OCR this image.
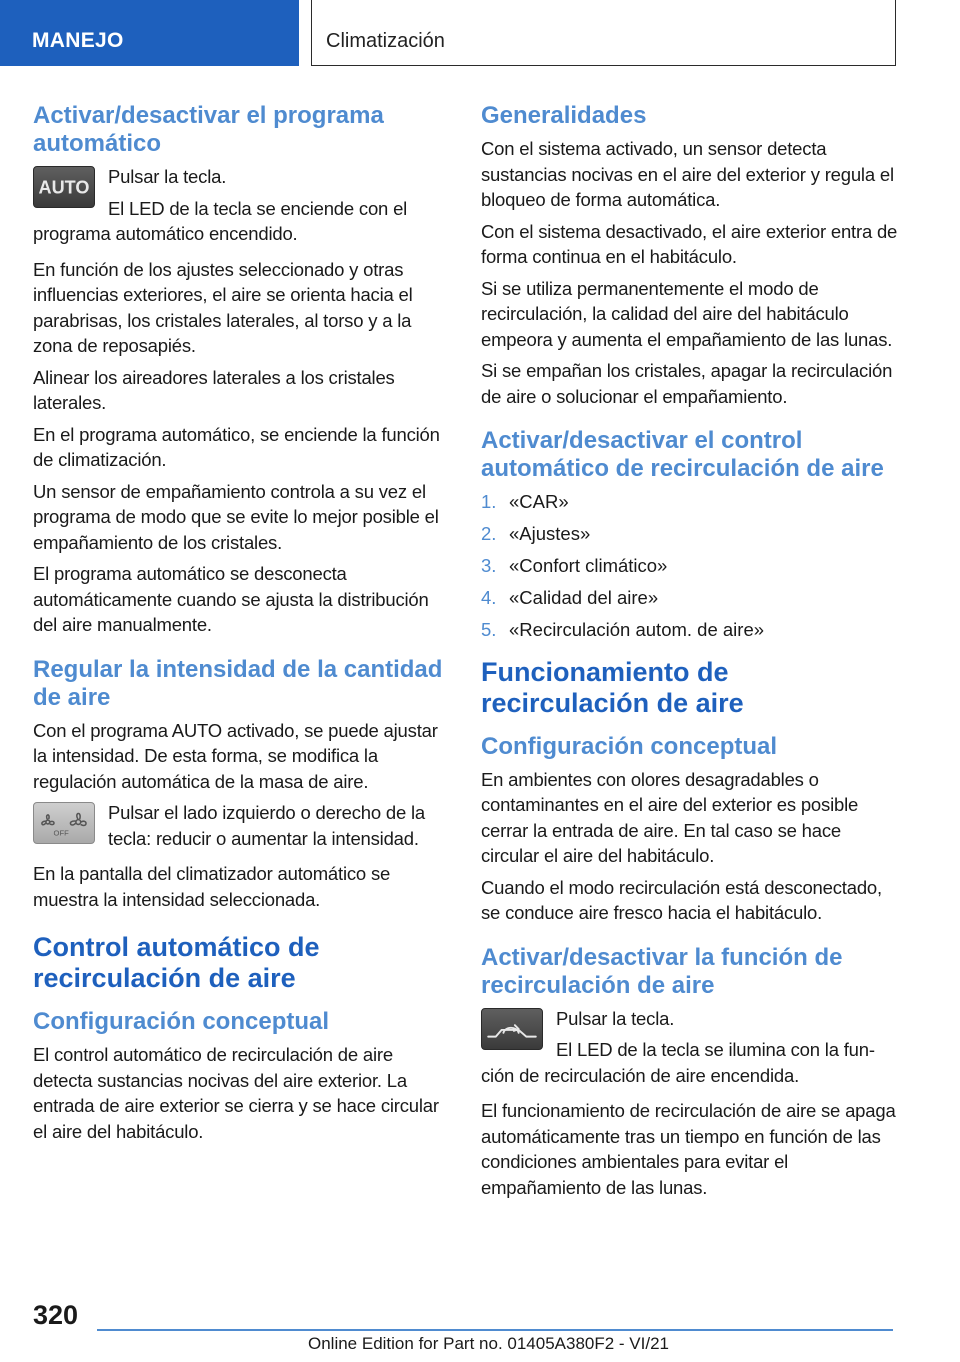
MANEJO	Climatización
Activar/desactivar el programa automático
AUTO

Pulsar la tecla.

El LED de la tecla se enciende con el

programa automático encendido.

En función de los ajustes seleccionado y otras influencias exteriores, el aire se orienta hacia el parabrisas, los cristales laterales, al torso y a la zona de reposapiés.

Alinear los aireadores laterales a los cristales laterales.

En el programa automático, se enciende la función de climatización.

Un sensor de empañamiento controla a su vez el programa de modo que se evite lo mejor posible el empañamiento de los cristales.

El programa automático se desconecta automáticamente cuando se ajusta la distribución del aire manualmente.

Regular la intensidad de la cantidad de aire

Con el programa AUTO activado, se puede ajustar la intensidad. De esta forma, se modifica la regulación automática de la masa de aire.

OFF

Pulsar el lado izquierdo o derecho de la tecla: reducir o aumentar la intensidad.

En la pantalla del climatizador automático se muestra la intensidad seleccionada.

Control automático de recirculación de aire
Configuración conceptual

El control automático de recirculación de aire detecta sustancias nocivas del aire exterior. La entrada de aire exterior se cierra y se hace circular el aire del habitáculo.

Generalidades

Con el sistema activado, un sensor detecta sustancias nocivas en el aire del exterior y regula el bloqueo de forma automática.

Con el sistema desactivado, el aire exterior entra de forma continua en el habitáculo.

Si se utiliza permanentemente el modo de recirculación, la calidad del aire del habitáculo empeora y aumenta el empañamiento de las lunas.

Si se empañan los cristales, apagar la recirculación de aire o solucionar el empañamiento.

Activar/desactivar el control automático de recirculación de aire
1. «CAR»
2. «Ajustes»
3. «Confort climático»
4. «Calidad del aire»
5. «Recirculación autom. de aire»
Funcionamiento de recirculación de aire
Configuración conceptual

En ambientes con olores desagradables o contaminantes en el aire del exterior es posible cerrar la entrada de aire. En tal caso se hace circular el aire del habitáculo.

Cuando el modo recirculación está desconectado, se conduce aire fresco hacia el habitáculo.

Activar/desactivar la función de recirculación de aire

Pulsar la tecla.

El LED de la tecla se ilumina con la fun-

ción de recirculación de aire encendida.

El funcionamiento de recirculación de aire se apaga automáticamente tras un tiempo en función de las condiciones ambientales para evitar el empañamiento de las lunas.

320
Online Edition for Part no. 01405A380F2 - VI/21
